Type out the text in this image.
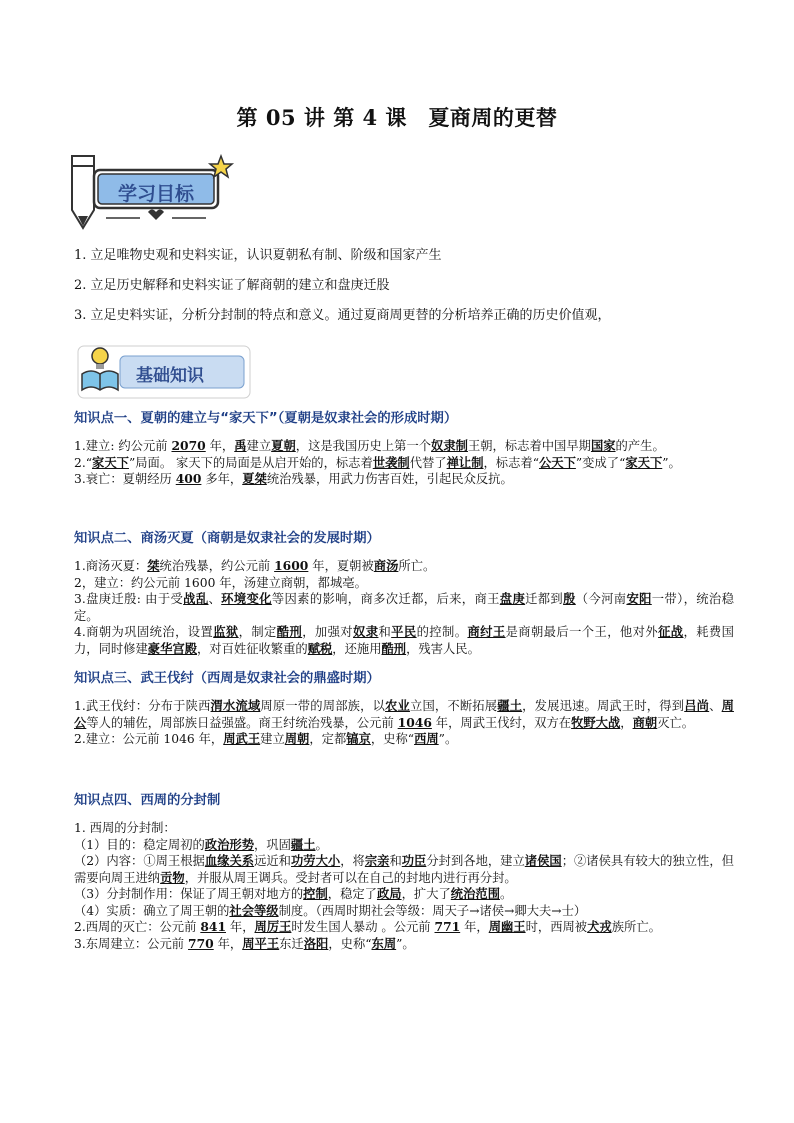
第 05 讲 第 4 课　夏商周的更替
学习目标

1. 立足唯物史观和史料实证，认识夏朝私有制、阶级和国家产生

2. 立足历史解释和史料实证了解商朝的建立和盘庚迁股

3. 立足史料实证，分析分封制的特点和意义。通过夏商周更替的分析培养正确的历史价值观，

基础知识
知识点一、夏朝的建立与“家天下”（夏朝是奴隶社会的形成时期）

1.建立: 约公元前 2070 年，禹建立夏朝，这是我国历史上第一个奴隶制王朝，标志着中国早期国家的产生。

2.“家天下”局面。 家天下的局面是从启开始的，标志着世袭制代替了禅让制，标志着“公天下”变成了“家天下”。

3.衰亡：夏朝经历 400 多年，夏桀统治残暴，用武力伤害百姓，引起民众反抗。

知识点二、商汤灭夏（商朝是奴隶社会的发展时期）

1.商汤灭夏：桀统治残暴，约公元前 1600 年，夏朝被商汤所亡。

2，建立：约公元前 1600 年，汤建立商朝，都城亳。

3.盘庚迁殷: 由于受战乱、环境变化等因素的影响，商多次迁都，后来，商王盘庚迁都到殷（今河南安阳一带），统治稳定。

4.商朝为巩固统治，设置监狱，制定酷刑，加强对奴隶和平民的控制。商纣王是商朝最后一个王，他对外征战，耗费国力，同时修建豪华宫殿，对百姓征收繁重的赋税，还施用酷刑，残害人民。

知识点三、武王伐纣（西周是奴隶社会的鼎盛时期）

1.武王伐纣：分布于陕西渭水流域周原一带的周部族，以农业立国，不断拓展疆土，发展迅速。周武王时，得到吕尚、周公等人的辅佐，周部族日益强盛。商王纣统治残暴，公元前 1046 年，周武王伐纣，双方在牧野大战，商朝灭亡。

2.建立：公元前 1046 年，周武王建立周朝，定都镐京，史称“西周”。

知识点四、西周的分封制

1. 西周的分封制：

（1）目的：稳定周初的政治形势，巩固疆土。

（2）内容：①周王根据血缘关系远近和功劳大小，将宗亲和功臣分封到各地，建立诸侯国；②诸侯具有较大的独立性，但需要向周王进纳贡物，并服从周王调兵。受封者可以在自己的封地内进行再分封。

（3）分封制作用：保证了周王朝对地方的控制，稳定了政局，扩大了统治范围。

（4）实质：确立了周王朝的社会等级制度。（西周时期社会等级：周天子→诸侯→卿大夫→士）

2.西周的灭亡：公元前 841 年，周厉王时发生国人暴动 。公元前 771 年，周幽王时，西周被犬戎族所亡。

3.东周建立：公元前 770 年，周平王东迁洛阳，史称“东周”。
